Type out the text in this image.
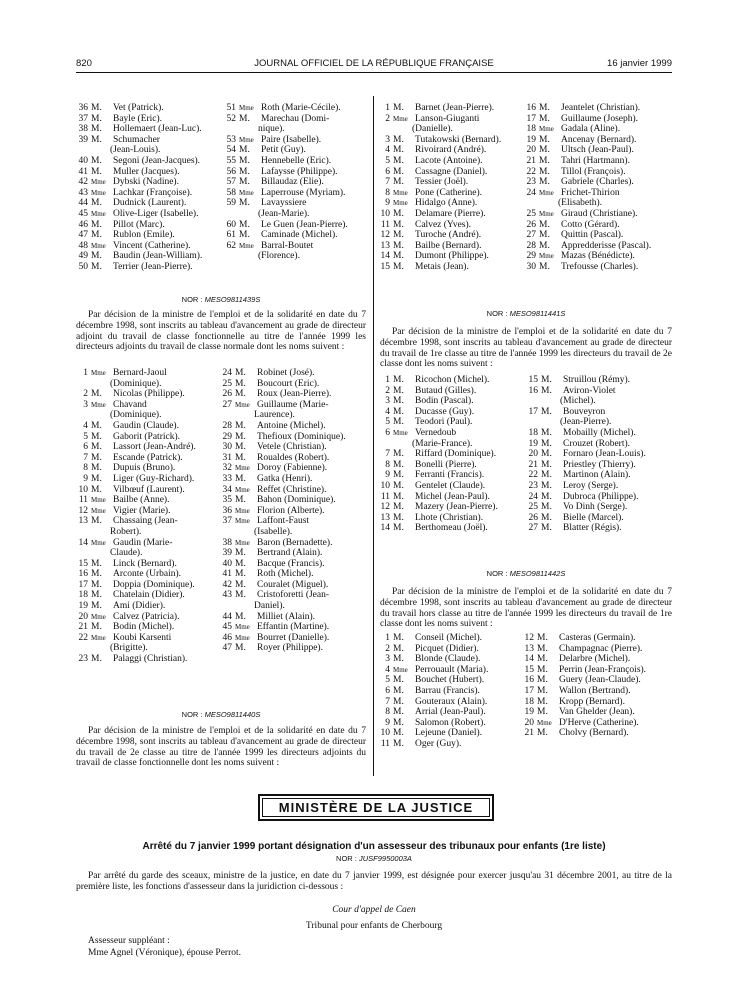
820	JOURNAL OFFICIEL DE LA RÉPUBLIQUE FRANÇAISE	16 janvier 1999
36 M.	Vet (Patrick).
37 M.	Bayle (Eric).
38 M.	Hollemaert (Jean-Luc).
39 M.	Schumacher
(Jean-Louis).
40 M.	Segoni (Jean-Jacques).
41 M.	Muller (Jacques).
42 Mme Dybski (Nadine).
43 Mme Lachkar (Françoise).
44 M.	Dudnick (Laurent).
45 Mme Olive-Liger (Isabelle).
46 M.	Pillot (Marc).
47 M.	Rublon (Emile).
48 Mme Vincent (Catherine).
49 M.	Baudin (Jean-William).
50 M.	Terrier (Jean-Pierre).
51 Mme Roth (Marie-Cécile).
52 M.	Marechau (Domi-
nique).
53 Mme Paire (Isabelle).
54 M.	Petit (Guy).
55 M.	Hennebelle (Eric).
56 M.	Lafaysse (Philippe).
57 M.	Billaudaz (Elie).
58 Mme Laperrouse (Myriam).
59 M.	Lavayssiere
(Jean-Marie).
60 M.	Le Guen (Jean-Pierre).
61 M.	Caminade (Michel).
62 Mme Barral-Boutet
(Florence).
1 M.	Barnet (Jean-Pierre).
2 Mme Lanson-Giuganti
(Danielle).
3 M.	Tutakowski (Bernard).
4 M.	Rivoirard (André).
5 M.	Lacote (Antoine).
6 M.	Cassagne (Daniel).
7 M.	Tessier (Joël).
8 Mme Pone (Catherine).
9 Mme Hidalgo (Anne).
10 M.	Delamare (Pierre).
11 M.	Calvez (Yves).
12 M.	Turoche (André).
13 M.	Bailbe (Bernard).
14 M.	Dumont (Philippe).
15 M.	Metais (Jean).
16 M.	Jeantelet (Christian).
17 M.	Guillaume (Joseph).
18 Mme Gadala (Aline).
19 M.	Ancenay (Bernard).
20 M.	Ultsch (Jean-Paul).
21 M.	Tahri (Hartmann).
22 M.	Tillol (François).
23 M.	Gabriele (Charles).
24 Mme Frichet-Thirion
(Elisabeth).
25 Mme Giraud (Christiane).
26 M.	Cotto (Gérard).
27 M.	Quittin (Pascal).
28 M.	Appredderisse (Pascal).
29 Mme Mazas (Bénédicte).
30 M.	Trefousse (Charles).
NOR : MESO9811439S
Par décision de la ministre de l'emploi et de la solidarité en date du 7 décembre 1998, sont inscrits au tableau d'avancement au grade de directeur adjoint du travail de classe fonctionnelle au titre de l'année 1999 les directeurs adjoints du travail de classe normale dont les noms suivent :
1 Mme Bernard-Jaoul
(Dominique).
2 M.	Nicolas (Philippe).
3 Mme Chavand
(Dominique).
4 M.	Gaudin (Claude).
5 M.	Gaborit (Patrick).
6 M.	Lassort (Jean-André).
7 M.	Escande (Patrick).
8 M.	Dupuis (Bruno).
9 M.	Liger (Guy-Richard).
10 M.	Vilbœuf (Laurent).
11 Mme Bailbe (Anne).
12 Mme Vigier (Marie).
13 M.	Chassaing (Jean-
Robert).
14 Mme Gaudin (Marie-
Claude).
15 M.	Linck (Bernard).
16 M.	Arconte (Urbain).
17 M.	Doppia (Dominique).
18 M.	Chatelain (Didier).
19 M.	Ami (Didier).
20 Mme Calvez (Patricia).
21 M.	Bodin (Michel).
22 Mme Koubi Karsenti
(Brigitte).
23 M.	Palaggi (Christian).
24 M.	Robinet (José).
25 M.	Boucourt (Eric).
26 M.	Roux (Jean-Pierre).
27 Mme Guillaume (Marie-
Laurence).
28 M.	Antoine (Michel).
29 M.	Thefioux (Dominique).
30 M.	Vetele (Christian).
31 M.	Roualdes (Robert).
32 Mme Doroy (Fabienne).
33 M.	Gatka (Henri).
34 Mme Reffet (Christine).
35 M.	Bahon (Dominique).
36 Mme Florion (Alberte).
37 Mme Laffont-Faust
(Isabelle).
38 Mme Baron (Bernadette).
39 M.	Bertrand (Alain).
40 M.	Bacque (Francis).
41 M.	Roth (Michel).
42 M.	Couralet (Miguel).
43 M.	Cristoforetti (Jean-
Daniel).
44 M.	Milliet (Alain).
45 Mme Effantin (Martine).
46 Mme Bourret (Danielle).
47 M.	Royer (Philippe).
NOR : MESO9811440S
Par décision de la ministre de l'emploi et de la solidarité en date du 7 décembre 1998, sont inscrits au tableau d'avancement au grade de directeur du travail de 2e classe au titre de l'année 1999 les directeurs adjoints du travail de classe fonctionnelle dont les noms suivent :
NOR : MESO9811441S
Par décision de la ministre de l'emploi et de la solidarité en date du 7 décembre 1998, sont inscrits au tableau d'avancement au grade de directeur du travail de 1re classe au titre de l'année 1999 les directeurs du travail de 2e classe dont les noms suivent :
1 M.	Ricochon (Michel).
2 M.	Butaud (Gilles).
3 M.	Bodin (Pascal).
4 M.	Ducasse (Guy).
5 M.	Teodori (Paul).
6 Mme Vernedoub
(Marie-France).
7 M.	Riffard (Dominique).
8 M.	Bonelli (Pierre).
9 M.	Ferranti (Francis).
10 M.	Gentelet (Claude).
11 M.	Michel (Jean-Paul).
12 M.	Mazery (Jean-Pierre).
13 M.	Lhote (Christian).
14 M.	Berthomeau (Joël).
15 M.	Struillou (Rémy).
16 M.	Aviron-Violet
(Michel).
17 M.	Bouveyron
(Jean-Pierre).
18 M.	Mobailly (Michel).
19 M.	Crouzet (Robert).
20 M.	Fornaro (Jean-Louis).
21 M.	Priestley (Thierry).
22 M.	Martinon (Alain).
23 M.	Leroy (Serge).
24 M.	Dubroca (Philippe).
25 M.	Vo Dinh (Serge).
26 M.	Bielle (Marcel).
27 M.	Blatter (Régis).
NOR : MESO9811442S
Par décision de la ministre de l'emploi et de la solidarité en date du 7 décembre 1998, sont inscrits au tableau d'avancement au grade de directeur du travail hors classe au titre de l'année 1999 les directeurs du travail de 1re classe dont les noms suivent :
1 M.	Conseil (Michel).
2 M.	Picquet (Didier).
3 M.	Blonde (Claude).
4 Mme Perrouault (Maria).
5 M.	Bouchet (Hubert).
6 M.	Barrau (Francis).
7 M.	Gouteraux (Alain).
8 M.	Arrial (Jean-Paul).
9 M.	Salomon (Robert).
10 M.	Lejeune (Daniel).
11 M.	Oger (Guy).
12 M.	Casteras (Germain).
13 M.	Champagnac (Pierre).
14 M.	Delarbre (Michel).
15 M.	Perrin (Jean-François).
16 M.	Guery (Jean-Claude).
17 M.	Wallon (Bertrand).
18 M.	Kropp (Bernard).
19 M.	Van Ghelder (Jean).
20 Mme D'Herve (Catherine).
21 M.	Cholvy (Bernard).
MINISTÈRE DE LA JUSTICE
Arrêté du 7 janvier 1999 portant désignation d'un assesseur des tribunaux pour enfants (1re liste)
NOR : JUSF9950003A
Par arrêté du garde des sceaux, ministre de la justice, en date du 7 janvier 1999, est désignée pour exercer jusqu'au 31 décembre 2001, au titre de la première liste, les fonctions d'assesseur dans la juridiction ci-dessous :
Cour d'appel de Caen
Tribunal pour enfants de Cherbourg
Assesseur suppléant :
Mme Agnel (Véronique), épouse Perrot.
